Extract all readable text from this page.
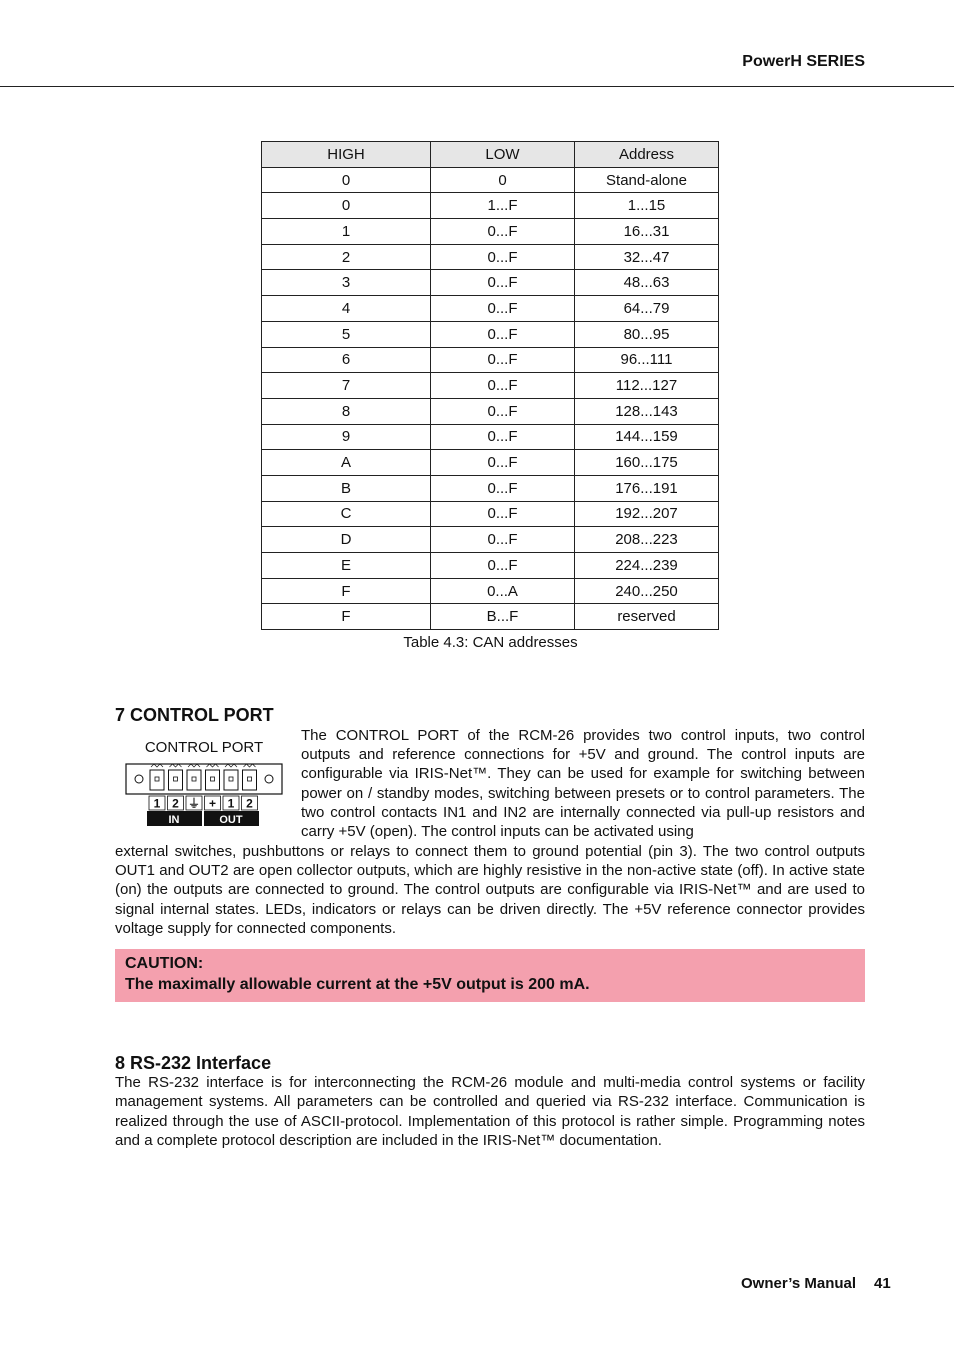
PowerH SERIES
HIGH	LOW	Address
0	0	Stand-alone
0	1...F	1...15
1	0...F	16...31
2	0...F	32...47
3	0...F	48...63
4	0...F	64...79
5	0...F	80...95
6	0...F	96...111
7	0...F	112...127
8	0...F	128...143
9	0...F	144...159
A	0...F	160...175
B	0...F	176...191
C	0...F	192...207
D	0...F	208...223
E	0...F	224...239
F	0...A	240...250
F	B...F	reserved
Table 4.3: CAN addresses
7 CONTROL PORT
CONTROL PORT
1 2 ⏚ + 1 2
IN	OUT
The CONTROL PORT of the RCM-26 provides two control inputs, two control outputs and reference connections for +5V and ground. The control inputs are configurable via IRIS-Net™. They can be used for example for switching between power on / standby modes, switching between presets or to control parameters. The two control contacts IN1 and IN2 are internally connected via pull-up resistors and carry +5V (open). The control inputs can be activated using
external switches, pushbuttons or relays to connect them to ground potential (pin 3). The two control outputs OUT1 and OUT2 are open collector outputs, which are highly resistive in the non-active state (off). In active state (on) the outputs are connected to ground. The control outputs are configurable via IRIS-Net™ and are used to signal internal states. LEDs, indicators or relays can be driven directly. The +5V reference connector provides voltage supply for connected components.
CAUTION:
The maximally allowable current at the +5V output is 200 mA.
8 RS-232 Interface
The RS-232 interface is for interconnecting the RCM-26 module and multi-media control systems or facility management systems. All parameters can be controlled and queried via RS-232 interface. Communication is realized through the use of ASCII-protocol. Implementation of this protocol is rather simple. Programming notes and a complete protocol description are included in the IRIS-Net™ documentation.
Owner’s Manual 41
